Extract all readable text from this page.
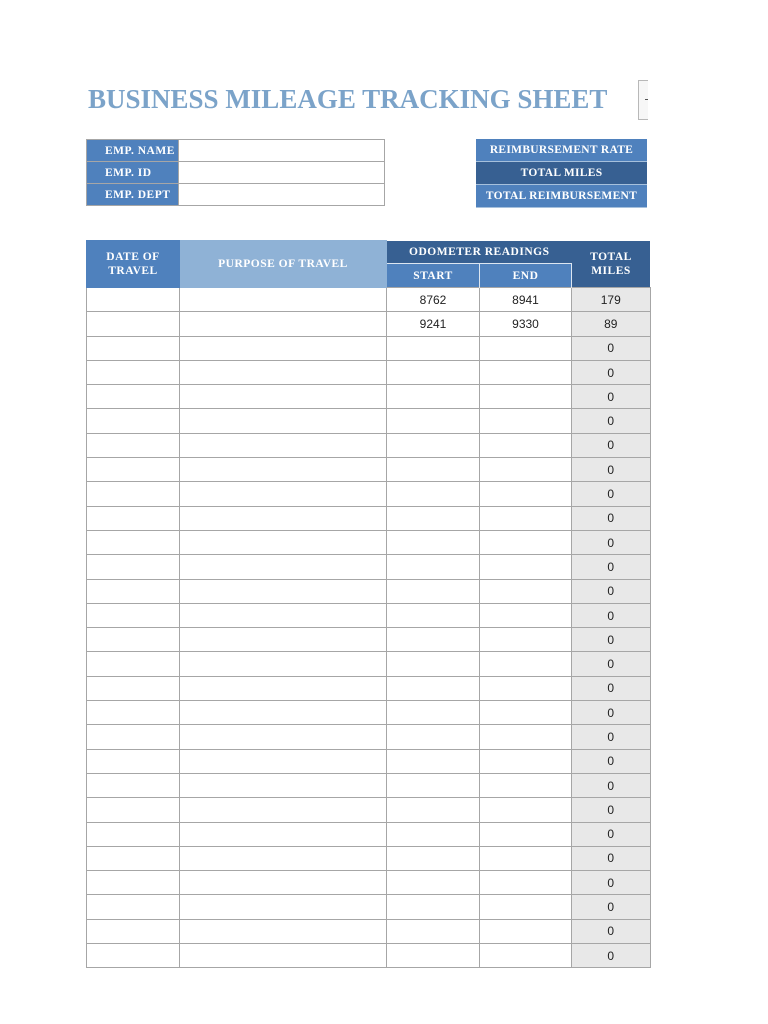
BUSINESS MILEAGE TRACKING SHEET
EMP. NAME	
EMP. ID	
EMP. DEPT	
REIMBURSEMENT RATE
TOTAL MILES
TOTAL REIMBURSEMENT
DATE OF TRAVEL	PURPOSE OF TRAVEL	ODOMETER READINGS		TOTAL MILES
		START	END	
		8762	8941	179
		9241	9330	89
				0
				0
				0
				0
				0
				0
				0
				0
				0
				0
				0
				0
				0
				0
				0
				0
				0
				0
				0
				0
				0
				0
				0
				0
				0
				0
